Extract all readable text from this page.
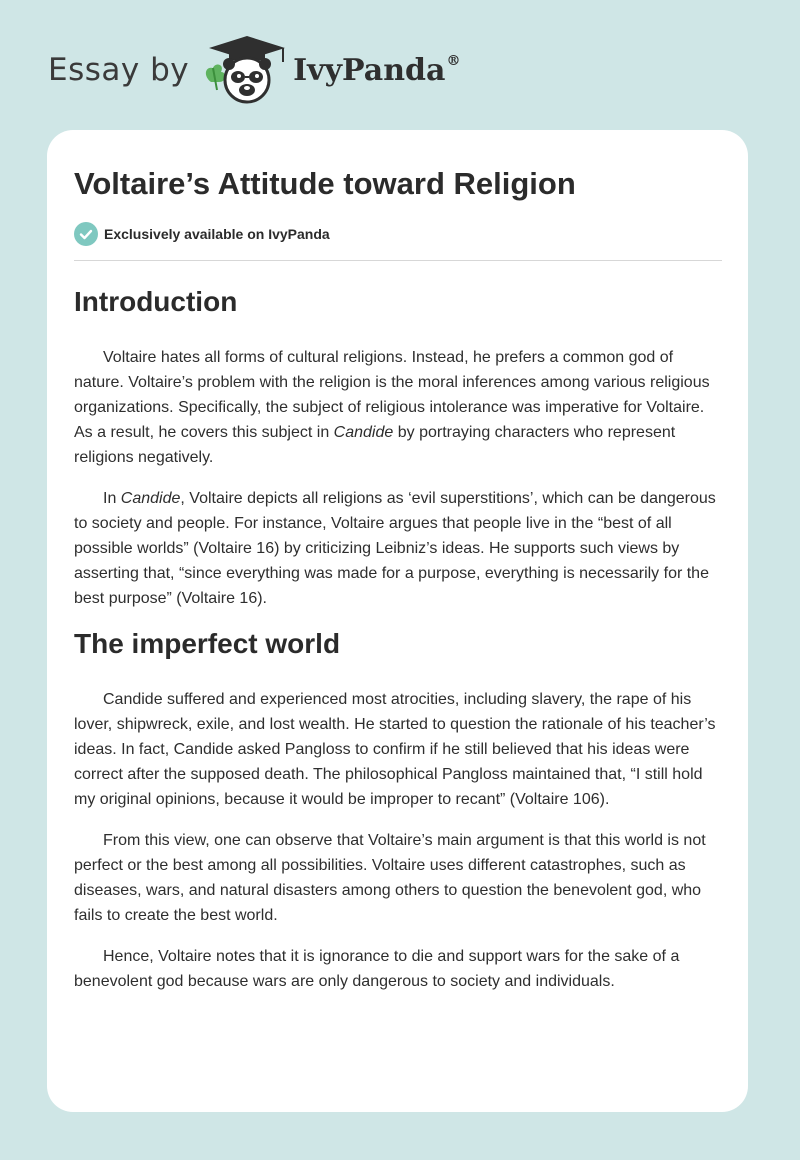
Essay by	IvyPanda®
Voltaire’s Attitude toward Religion
Exclusively available on IvyPanda
Introduction

Voltaire hates all forms of cultural religions. Instead, he prefers a common god of nature. Voltaire’s problem with the religion is the moral inferences among various religious organizations. Specifically, the subject of religious intolerance was imperative for Voltaire. As a result, he covers this subject in Candide by portraying characters who represent religions negatively.

In Candide, Voltaire depicts all religions as ‘evil superstitions’, which can be dangerous to society and people. For instance, Voltaire argues that people live in the “best of all possible worlds” (Voltaire 16) by criticizing Leibniz’s ideas. He supports such views by asserting that, “since everything was made for a purpose, everything is necessarily for the best purpose” (Voltaire 16).

The imperfect world

Candide suffered and experienced most atrocities, including slavery, the rape of his lover, shipwreck, exile, and lost wealth. He started to question the rationale of his teacher’s ideas. In fact, Candide asked Pangloss to confirm if he still believed that his ideas were correct after the supposed death. The philosophical Pangloss maintained that, “I still hold my original opinions, because it would be improper to recant” (Voltaire 106).

From this view, one can observe that Voltaire’s main argument is that this world is not perfect or the best among all possibilities. Voltaire uses different catastrophes, such as diseases, wars, and natural disasters among others to question the benevolent god, who fails to create the best world.

Hence, Voltaire notes that it is ignorance to die and support wars for the sake of a benevolent god because wars are only dangerous to society and individuals.
